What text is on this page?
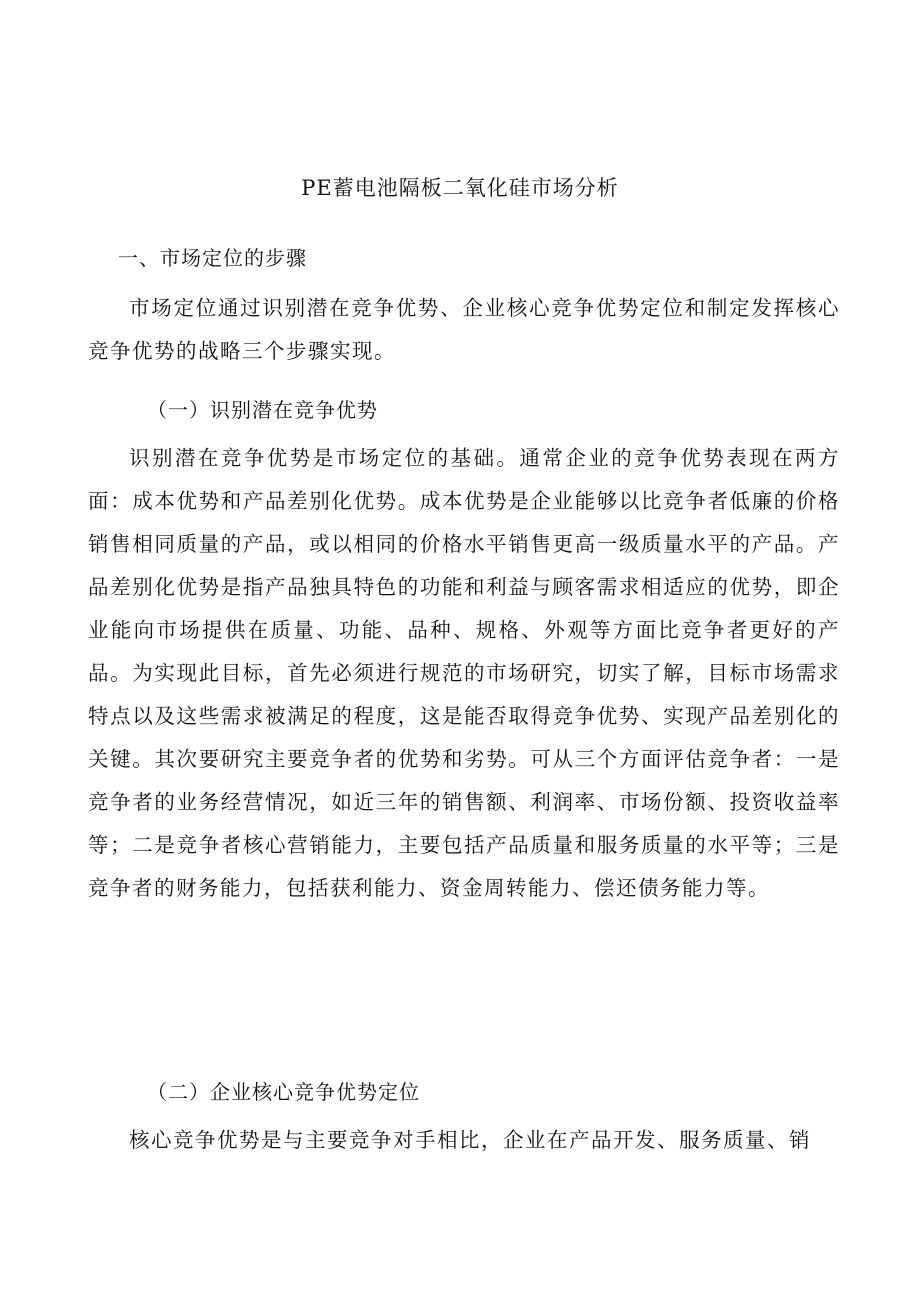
PE蓄电池隔板二氧化硅市场分析
一、市场定位的步骤

市场定位通过识别潜在竞争优势、企业核心竞争优势定位和制定发挥核心竞争优势的战略三个步骤实现。

（一）识别潜在竞争优势

识别潜在竞争优势是市场定位的基础。通常企业的竞争优势表现在两方面：成本优势和产品差别化优势。成本优势是企业能够以比竞争者低廉的价格销售相同质量的产品，或以相同的价格水平销售更高一级质量水平的产品。产品差别化优势是指产品独具特色的功能和利益与顾客需求相适应的优势，即企业能向市场提供在质量、功能、品种、规格、外观等方面比竞争者更好的产品。为实现此目标，首先必须进行规范的市场研究，切实了解，目标市场需求特点以及这些需求被满足的程度，这是能否取得竞争优势、实现产品差别化的关键。其次要研究主要竞争者的优势和劣势。可从三个方面评估竞争者：一是竞争者的业务经营情况，如近三年的销售额、利润率、市场份额、投资收益率等；二是竞争者核心营销能力，主要包括产品质量和服务质量的水平等；三是竞争者的财务能力，包括获利能力、资金周转能力、偿还债务能力等。

（二）企业核心竞争优势定位

核心竞争优势是与主要竞争对手相比，企业在产品开发、服务质量、销
